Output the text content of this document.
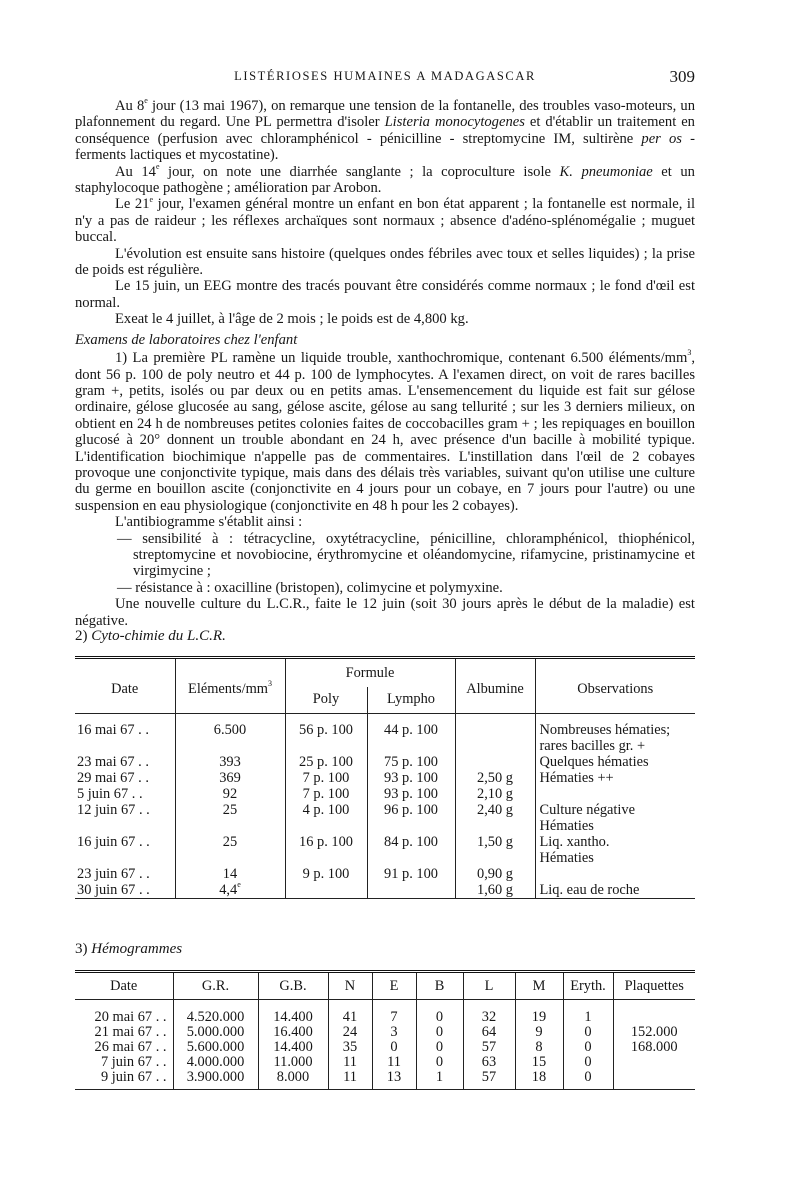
LISTÉRIOSES HUMAINES A MADAGASCAR	309

Au 8e jour (13 mai 1967), on remarque une tension de la fontanelle, des troubles vaso-moteurs, un plafonnement du regard. Une PL permettra d'isoler Listeria monocytogenes et d'établir un traitement en conséquence (perfusion avec chloramphénicol - pénicilline - streptomycine IM, sultirène per os - ferments lactiques et mycostatine).

Au 14e jour, on note une diarrhée sanglante ; la coproculture isole K. pneumoniae et un staphylocoque pathogène ; amélioration par Arobon.

Le 21e jour, l'examen général montre un enfant en bon état apparent ; la fontanelle est normale, il n'y a pas de raideur ; les réflexes archaïques sont normaux ; absence d'adéno-splénomégalie ; muguet buccal.

L'évolution est ensuite sans histoire (quelques ondes fébriles avec toux et selles liquides) ; la prise de poids est régulière.

Le 15 juin, un EEG montre des tracés pouvant être considérés comme normaux ; le fond d'œil est normal.

Exeat le 4 juillet, à l'âge de 2 mois ; le poids est de 4,800 kg.

Examens de laboratoires chez l'enfant

1) La première PL ramène un liquide trouble, xanthochromique, contenant 6.500 éléments/$mm^3$, dont 56 p. 100 de poly neutro et 44 p. 100 de lymphocytes. A l'examen direct, on voit de rares bacilles gram +, petits, isolés ou par deux ou en petits amas. L'ensemencement du liquide est fait sur gélose ordinaire, gélose glucosée au sang, gélose ascite, gélose au sang tellurité ; sur les 3 derniers milieux, on obtient en 24 h de nombreuses petites colonies faites de coccobacilles gram + ; les repiquages en bouillon glucosé à 20° donnent un trouble abondant en 24 h, avec présence d'un bacille à mobilité typique. L'identification biochimique n'appelle pas de commentaires. L'instillation dans l'œil de 2 cobayes provoque une conjonctivite typique, mais dans des délais très variables, suivant qu'on utilise une culture du germe en bouillon ascite (conjonctivite en 4 jours pour un cobaye, en 7 jours pour l'autre) ou une suspension en eau physiologique (conjonctivite en 48 h pour les 2 cobayes).

L'antibiogramme s'établit ainsi :

— sensibilité à : tétracycline, oxytétracycline, pénicilline, chloramphénicol, thiophénicol, streptomycine et novobiocine, érythromycine et oléandomycine, rifamycine, pristinamycine et virgimycine ;

— résistance à : oxacilline (bristopen), colimycine et polymyxine.

Une nouvelle culture du L.C.R., faite le 12 juin (soit 30 jours après le début de la maladie) est négative.

2) Cyto-chimie du L.C.R.

Date	Eléments/$mm^3$	Formule		Albumine	Observations
		Poly	Lympho		

16 mai 67 . .	6.500	56 p. 100	44 p. 100		Nombreuses hématies;
					rares bacilles gr. +
23 mai 67 . .	393	25 p. 100	75 p. 100		Quelques hématies
29 mai 67 . .	369	7 p. 100	93 p. 100	2,50 g	Hématies ++
5 juin 67 . .	92	7 p. 100	93 p. 100	2,10 g	
12 juin 67 . .	25	4 p. 100	96 p. 100	2,40 g	Culture négative
					Hématies
16 juin 67 . .	25	16 p. 100	84 p. 100	1,50 g	Liq. xantho.
					Hématies
23 juin 67 . .	14	9 p. 100	91 p. 100	0,90 g	
30 juin 67 . .	4,4e			1,60 g	Liq. eau de roche
3) Hémogrammes

Date	G.R.	G.B.	N	E	B	L	M	Eryth.	Plaquettes

20 mai 67 . .	4.520.000	14.400	41	7	0	32	19	1	
21 mai 67 . .	5.000.000	16.400	24	3	0	64	9	0	152.000
26 mai 67 . .	5.600.000	14.400	35	0	0	57	8	0	168.000
7 juin 67 . .	4.000.000	11.000	11	11	0	63	15	0	
9 juin 67 . .	3.900.000	8.000	11	13	1	57	18	0	
